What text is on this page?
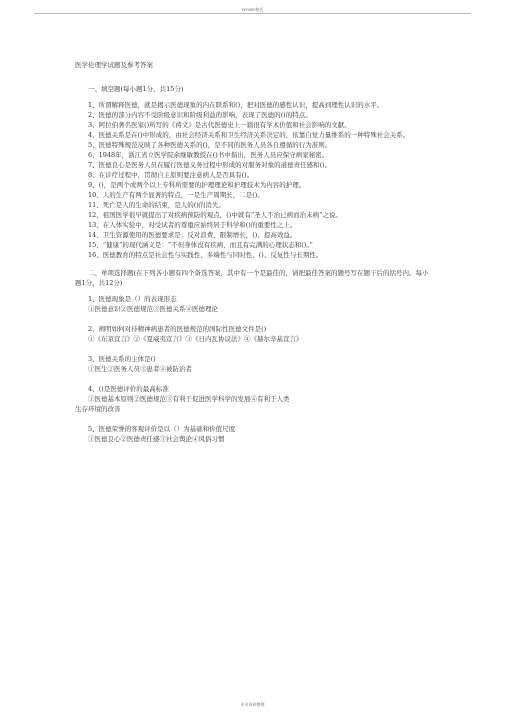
WORD格式

医学伦理学试题及参考答案

一、填空题(每小题1分，共15分)

1、所谓解释医德，就是揭示医德现象的内在联系和()，把对医德的感性认识，提高到理性认识的水平。

2、医德的部分内容不受阶级意识和阶级利益的影响，表现了医德的()的特点。

3、阿拉伯著名医家()所写的《祷文》是古代医德史上一篇很有学术价值和社会影响的文献。

4、医德关系是在()中形成的，由社会经济关系和卫生经济关系决定的，依靠自觉力量维系的一种特殊社会关系。

5、医德特殊规范反映了各种医德关系的()，是不同的医务人员各自遵循的行为准则。

6、1948年，浙江省立医学院余继敏教授在()书中指出，医务人员应保守病家秘密。

7、医德良心是医务人员在履行医德义务过程中形成的对服务对象的道德责任感和()。

8、在诊疗过程中，贯彻自主原则要注意病人是否具有()。

9、()，是两个或两个以上专科所需要的护理理论和护理技术为内容的护理。

10、人的生产有两个显著的特点，一是生产周期长，二是()。

11、死亡是人的生命的结束，是人的()的消失。

12、祖国医学很早就提出了对疾病预防的观点，()中就有“圣人不治已病而治未病”之说。

13、在人体实验中，对受试者的尊重应始终居于科学和()的重要性之上。

14、卫生资源使用的医德要求是：反对浪费，限制增长，()，提高效益。

15、“健康”的现代涵义是：“不但身体没有疾病，而且有完满的心理状态和()。”

16、医德教育的特点是社会性与实践性、多端性与同时性、()、反复性与长期性。

二、单项选择题(在下列各小题有四个备选答案，其中有一个是最佳的，请把最佳答案的题号写在题干后的括号内。每小题1分，共12分)

1、医德现象是（）的表现形态

①医德意识②医德规范③医德关系④医德理论

2、阐明如何对待精神病患者的医德规范的国际性医德文件是()

①《东京宣言》②《夏威夷宣言》③《日内瓦协议法》④《赫尔辛基宣言》

3、医德关系的主体是()

①医生②医务人员③患者④被防治者

4、()是医德评价的最高标准

①医德基本原则②医德规范③有利于促进医学科学的发展④有利于人类

生存环境的改善

5、医德荣誉的客观评价是以（）为基础和价值尺度

①医德良心②医德责任感③社会舆论④风俗习惯

专业资料整理
